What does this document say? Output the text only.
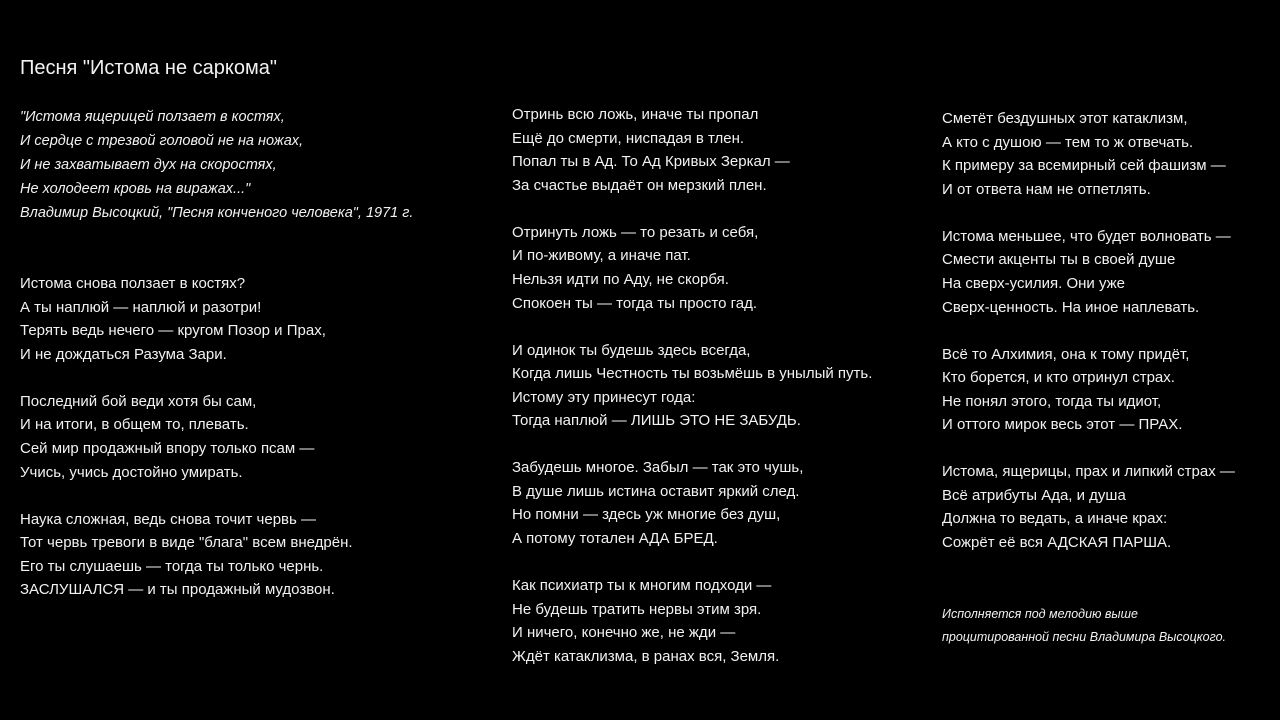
Песня "Истома не саркома"
"Истома ящерицей ползает в костях,
И сердце с трезвой головой не на ножах,
И не захватывает дух на скоростях,
Не холодеет кровь на виражах..."
Владимир Высоцкий, "Песня конченого человека", 1971 г.
Истома снова ползает в костях?
А ты наплюй — наплюй и разотри!
Терять ведь нечего — кругом Позор и Прах,
И не дождаться Разума Зари.
Последний бой веди хотя бы сам,
И на итоги, в общем то, плевать.
Сей мир продажный впору только псам —
Учись, учись достойно умирать.
Наука сложная, ведь снова точит червь —
Тот червь тревоги в виде "блага" всем внедрён.
Его ты слушаешь — тогда ты только чернь.
ЗАСЛУШАЛСЯ — и ты продажный мудозвон.
Отринь всю ложь, иначе ты пропал
Ещё до смерти, ниспадая в тлен.
Попал ты в Ад. То Ад Кривых Зеркал —
За счастье выдаёт он мерзкий плен.
Отринуть ложь — то резать и себя,
И по-живому, а иначе пат.
Нельзя идти по Аду, не скорбя.
Спокоен ты — тогда ты просто гад.
И одинок ты будешь здесь всегда,
Когда лишь Честность ты возьмёшь в унылый путь.
Истому эту принесут года:
Тогда наплюй — ЛИШЬ ЭТО НЕ ЗАБУДЬ.
Забудешь многое. Забыл — так это чушь,
В душе лишь истина оставит яркий след.
Но помни — здесь уж многие без душ,
А потому тотален АДА БРЕД.
Как психиатр ты к многим подходи —
Не будешь тратить нервы этим зря.
И ничего, конечно же, не жди —
Ждёт катаклизма, в ранах вся, Земля.
Сметёт бездушных этот катаклизм,
А кто с душою — тем то ж отвечать.
К примеру за всемирный сей фашизм —
И от ответа нам не отпетлять.
Истома меньшее, что будет волновать —
Смести акценты ты в своей душе
На сверх-усилия. Они уже
Сверх-ценность. На иное наплевать.
Всё то Алхимия, она к тому придёт,
Кто борется, и кто отринул страх.
Не понял этого, тогда ты идиот,
И оттого мирок весь этот — ПРАХ.
Истома, ящерицы, прах и липкий страх —
Всё атрибуты Ада, и душа
Должна то ведать, а иначе крах:
Сожрёт её вся АДСКАЯ ПАРША.
Исполняется под мелодию выше
процитированной песни Владимира Высоцкого.
